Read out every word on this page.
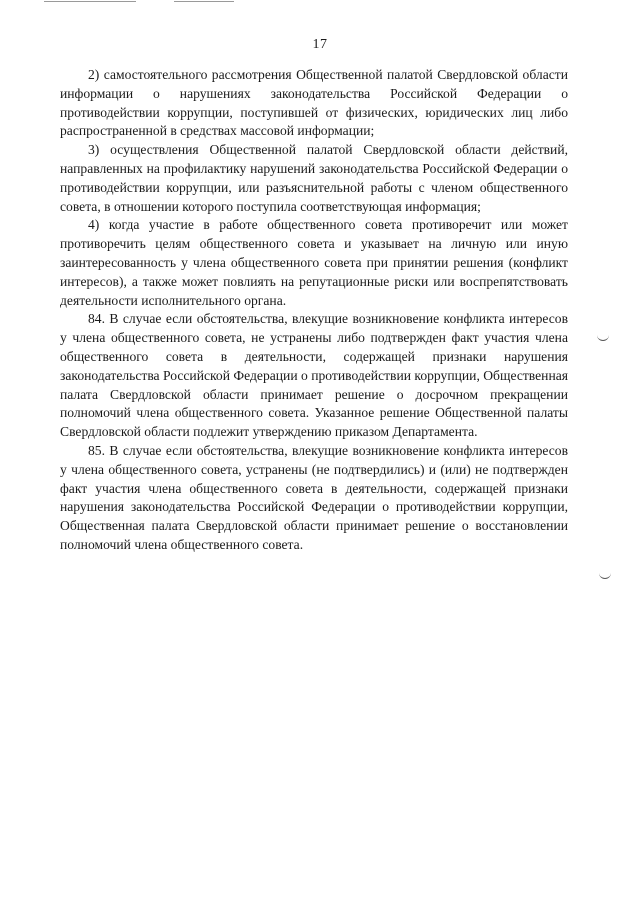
17

2) самостоятельного рассмотрения Общественной палатой Свердловской области информации о нарушениях законодательства Российской Федерации о противодействии коррупции, поступившей от физических, юридических лиц либо распространенной в средствах массовой информации;

3) осуществления Общественной палатой Свердловской области действий, направленных на профилактику нарушений законодательства Российской Федерации о противодействии коррупции, или разъяснительной работы с членом общественного совета, в отношении которого поступила соответствующая информация;

4) когда участие в работе общественного совета противоречит или может противоречить целям общественного совета и указывает на личную или иную заинтересованность у члена общественного совета при принятии решения (конфликт интересов), а также может повлиять на репутационные риски или воспрепятствовать деятельности исполнительного органа.

84. В случае если обстоятельства, влекущие возникновение конфликта интересов у члена общественного совета, не устранены либо подтвержден факт участия члена общественного совета в деятельности, содержащей признаки нарушения законодательства Российской Федерации о противодействии коррупции, Общественная палата Свердловской области принимает решение о досрочном прекращении полномочий члена общественного совета. Указанное решение Общественной палаты Свердловской области подлежит утверждению приказом Департамента.

85. В случае если обстоятельства, влекущие возникновение конфликта интересов у члена общественного совета, устранены (не подтвердились) и (или) не подтвержден факт участия члена общественного совета в деятельности, содержащей признаки нарушения законодательства Российской Федерации о противодействии коррупции, Общественная палата Свердловской области принимает решение о восстановлении полномочий члена общественного совета.
